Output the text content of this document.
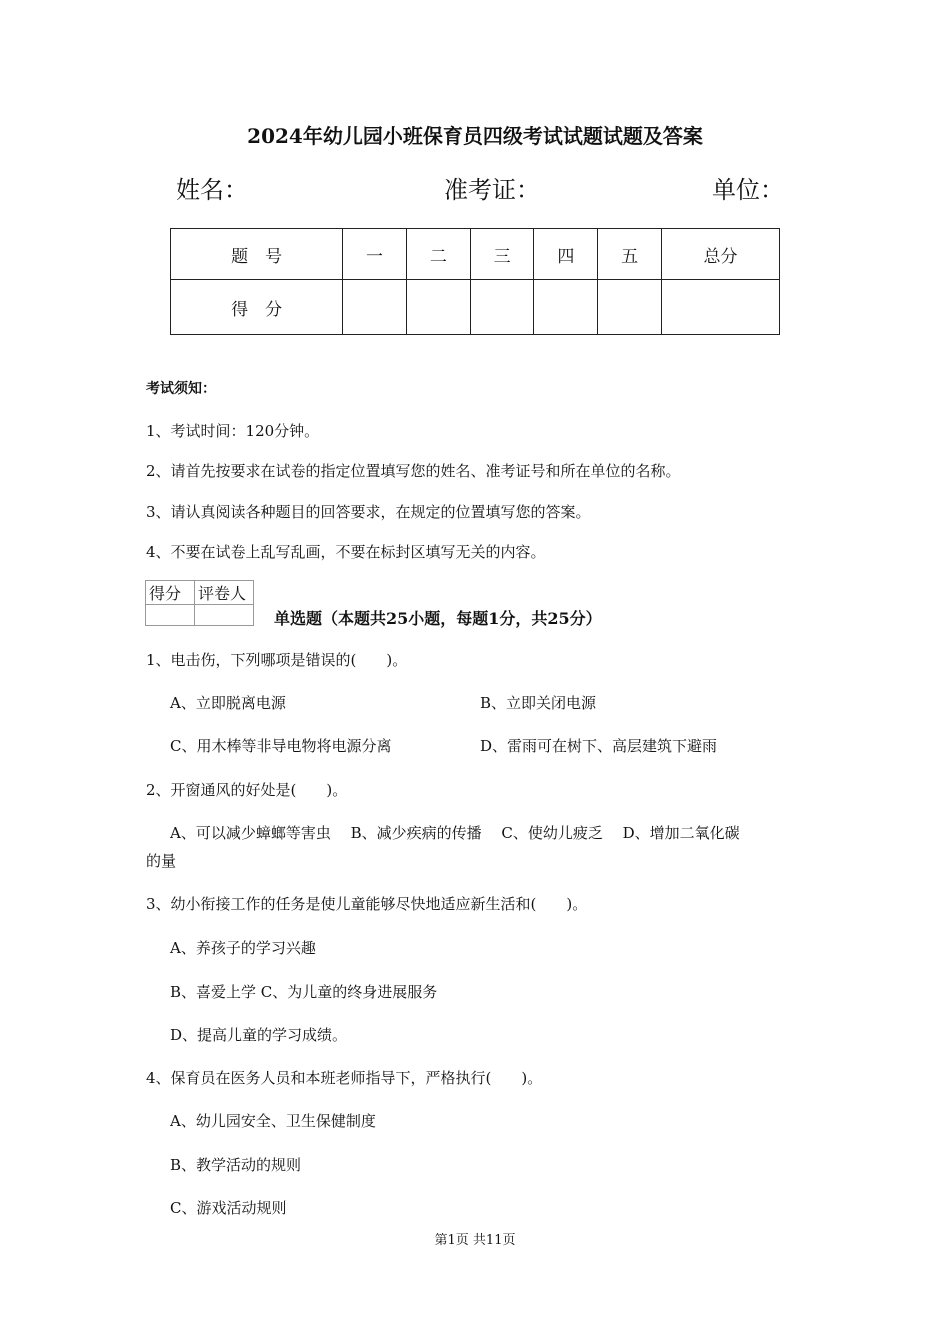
2024年幼儿园小班保育员四级考试试题试题及答案
姓名：	准考证：	单位：
题　号	一	二	三	四	五	总分
得　分						
考试须知：
1、考试时间：120分钟。
2、请首先按要求在试卷的指定位置填写您的姓名、准考证号和所在单位的名称。
3、请认真阅读各种题目的回答要求，在规定的位置填写您的答案。
4、不要在试卷上乱写乱画，不要在标封区填写无关的内容。
得分	评卷人

单选题（本题共25小题，每题1分，共25分）
1、电击伤，下列哪项是错误的(　　)。
A、立即脱离电源	B、立即关闭电源
C、用木棒等非导电物将电源分离	D、雷雨可在树下、高层建筑下避雨
2、开窗通风的好处是(　　)。
A、可以减少蟑螂等害虫　 B、减少疾病的传播　 C、使幼儿疲乏　 D、增加二氧化碳
的量
3、幼小衔接工作的任务是使儿童能够尽快地适应新生活和(　　)。
A、养孩子的学习兴趣
B、喜爱上学 C、为儿童的终身进展服务
D、提高儿童的学习成绩。
4、保育员在医务人员和本班老师指导下，严格执行(　　)。
A、幼儿园安全、卫生保健制度
B、教学活动的规则
C、游戏活动规则
第1页 共11页
